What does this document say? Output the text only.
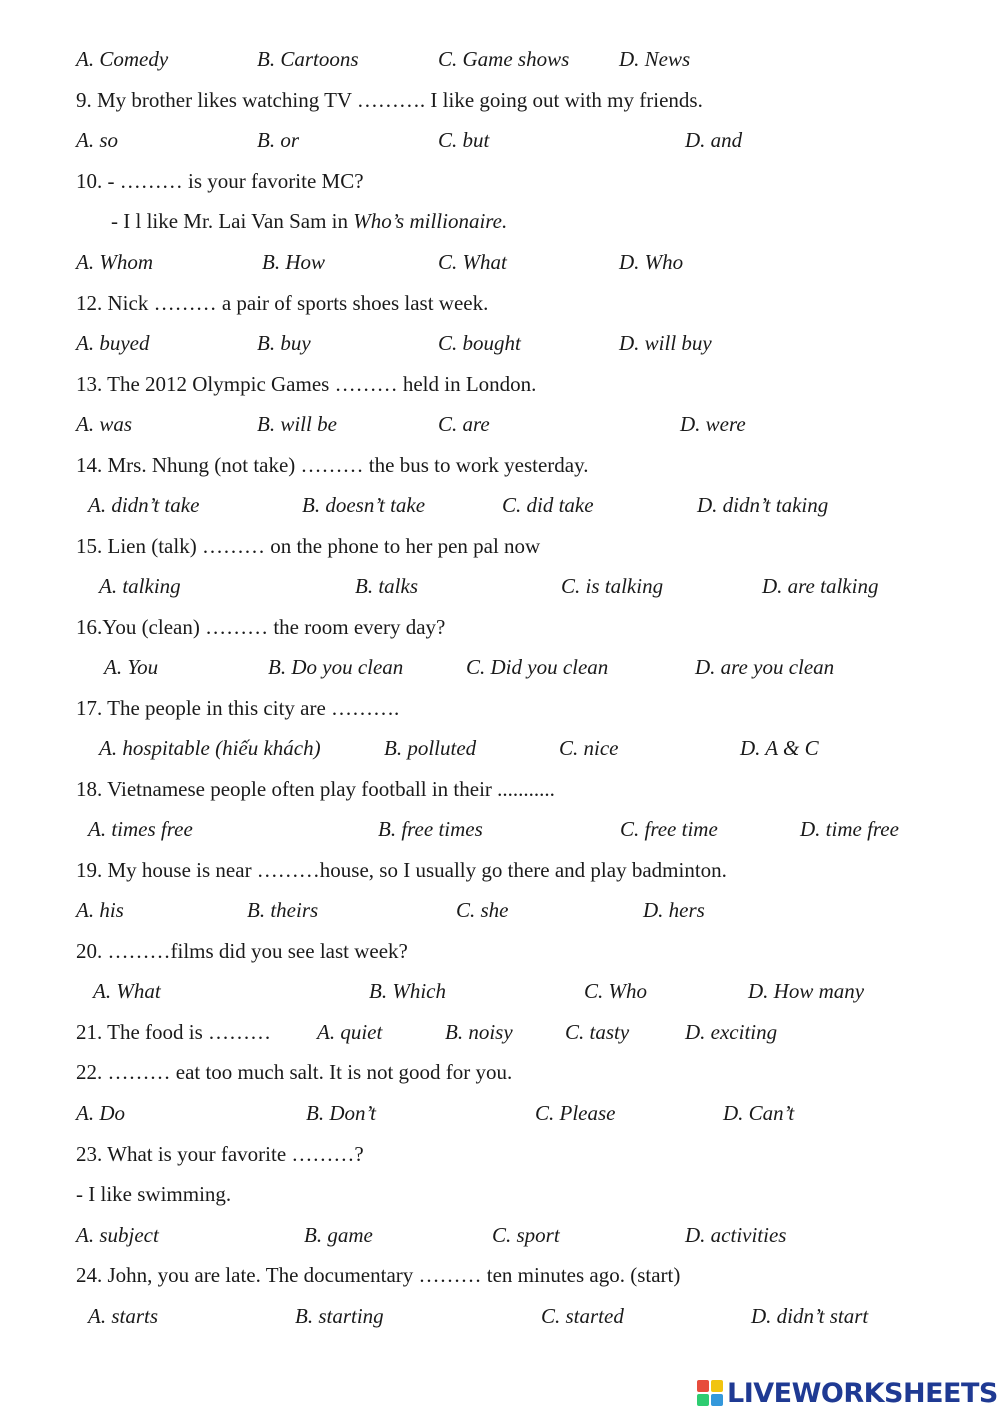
A. Comedy	B. Cartoons	C. Game shows D. News
9. My brother likes watching TV ………. I like going out with my friends.
A. so	B. or	C. but	D. and
10. - ……… is your favorite MC?
- I l like Mr. Lai Van Sam in Who’s millionaire.
A. Whom	B. How	C. What	D. Who
12. Nick ……… a pair of sports shoes last week.
A. buyed	B. buy	C. bought	D. will buy
13. The 2012 Olympic Games ……… held in London.
A. was	B. will be	C. are	D. were
14. Mrs. Nhung (not take) ……… the bus to work yesterday.
A. didn’t take	B. doesn’t take	C. did take	D. didn’t taking
15. Lien (talk) ……… on the phone to her pen pal now
A. talking	B. talks	C. is talking	D. are talking
16.You (clean) ……… the room every day?
A. You	B. Do you clean	C. Did you clean	D. are you clean
17. The people in this city are ……….
A. hospitable (hiếu khách)	B. polluted	C. nice	D. A & C
18. Vietnamese people often play football in their ...........
A. times free	B. free times	C. free time	D. time free
19. My house is near ………house, so I usually go there and play badminton.
A. his	B. theirs	C. she	D. hers
20. ………films did you see last week?
A. What	B. Which	C. Who	D. How many
21. The food is ……… A. quiet	B. noisy C. tasty	D. exciting
22. ……… eat too much salt. It is not good for you.
A. Do	B. Don’t	C. Please	D. Can’t
23. What is your favorite ………?
- I like swimming.
A. subject	B. game	C. sport	D. activities
24. John, you are late. The documentary ……… ten minutes ago. (start)
A. starts	B. starting	C. started	D. didn’t start
LIVEWORKSHEETS
